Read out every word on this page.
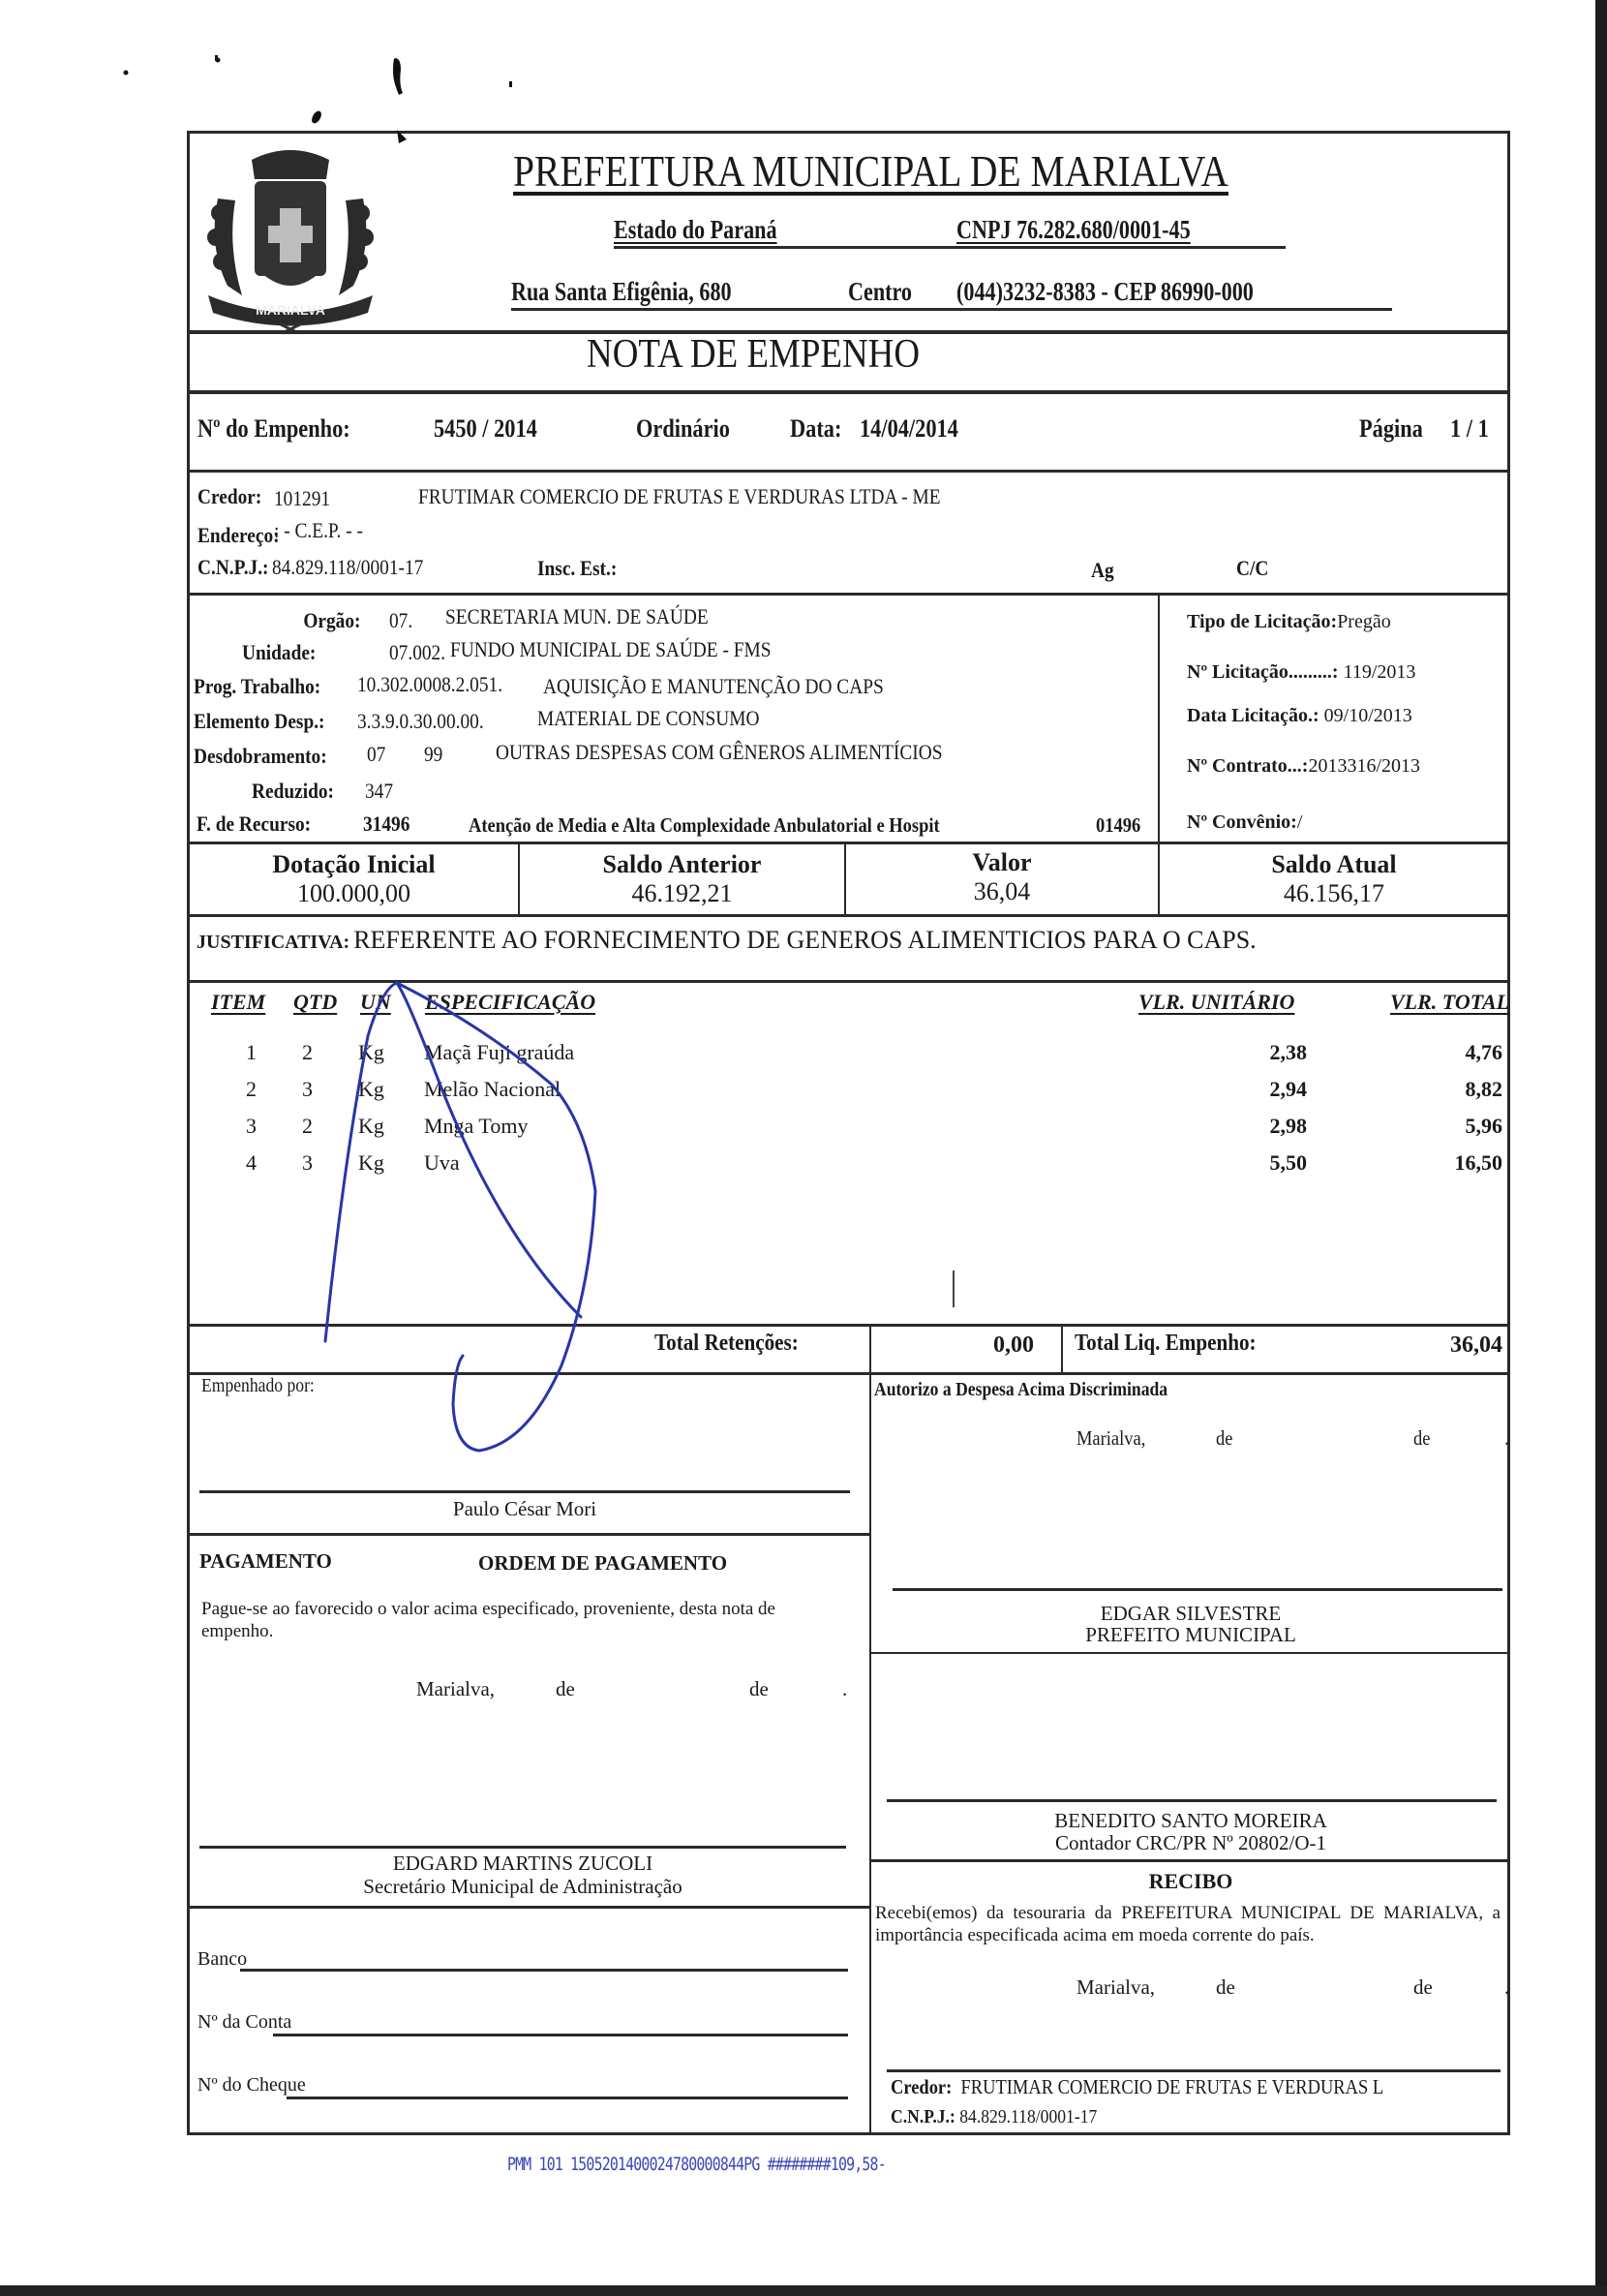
MARIALVA
PREFEITURA MUNICIPAL DE MARIALVA
Estado do Paraná	CNPJ 76.282.680/0001-45
Rua Santa Efigênia, 680	Centro (044)3232-8383 - CEP 86990-000
NOTA DE EMPENHO
Nº do Empenho:	5450 / 2014	Ordinário Data: 14/04/2014	Página 1 / 1
Credor: 101291	FRUTIMAR COMERCIO DE FRUTAS E VERDURAS LTDA - ME
Endereço:
: - C.E.P. - -
C.N.P.J.: 84.829.118/0001-17	Insc. Est.:	Ag	C/C
Orgão: 07. SECRETARIA MUN. DE SAÚDE
Unidade:	07.002. FUNDO MUNICIPAL DE SAÚDE - FMS
Prog. Trabalho: 10.302.0008.2.051. AQUISIÇÃO E MANUTENÇÃO DO CAPS
Elemento Desp.: 3.3.9.0.30.00.00.	MATERIAL DE CONSUMO
Desdobramento: 07 99 OUTRAS DESPESAS COM GÊNEROS ALIMENTÍCIOS
Reduzido: 347
F. de Recurso: 31496	Atenção de Media e Alta Complexidade Anbulatorial e Hospit	01496
Tipo de Licitação:Pregão
Nº Licitação.........: 119/2013
Data Licitação.: 09/10/2013
Nº Contrato...:2013316/2013
Nº Convênio:/
Dotação Inicial
100.000,00
Saldo Anterior
46.192,21
Valor
36,04
Saldo Atual
46.156,17
JUSTIFICATIVA: REFERENTE AO FORNECIMENTO DE GENEROS ALIMENTICIOS PARA O CAPS.
ITEM QTD UN ESPECIFICAÇÃO	VLR. UNITÁRIO	VLR. TOTAL
1 2 Kg Maçã Fuji graúda	2,38	4,76
2 3 Kg Melão Nacional	2,94	8,82
3 2 Kg Mnga Tomy	2,98	5,96
4 3 Kg Uva	5,50	16,50
Total Retenções:	0,00 Total Liq. Empenho:	36,04
Empenhado por:
Paulo César Mori
Autorizo a Despesa Acima Discriminada
Marialva,	de	de	.
PAGAMENTO	ORDEM DE PAGAMENTO
Pague-se ao favorecido o valor acima especificado, proveniente, desta nota de empenho.
Marialva,	de	de	.
EDGARD MARTINS ZUCOLI
Secretário Municipal de Administração
Banco
Nº da Conta
Nº do Cheque
EDGAR SILVESTRE
PREFEITO MUNICIPAL
BENEDITO SANTO MOREIRA
Contador CRC/PR Nº 20802/O-1
RECIBO
Recebi(emos) da tesouraria da PREFEITURA MUNICIPAL DE MARIALVA, a importância especificada acima em moeda corrente do país.
Marialva,	de	de	.
Credor: FRUTIMAR COMERCIO DE FRUTAS E VERDURAS L
C.N.P.J.: 84.829.118/0001-17
PMM 101 1505201400024780000844PG ########109,58-
